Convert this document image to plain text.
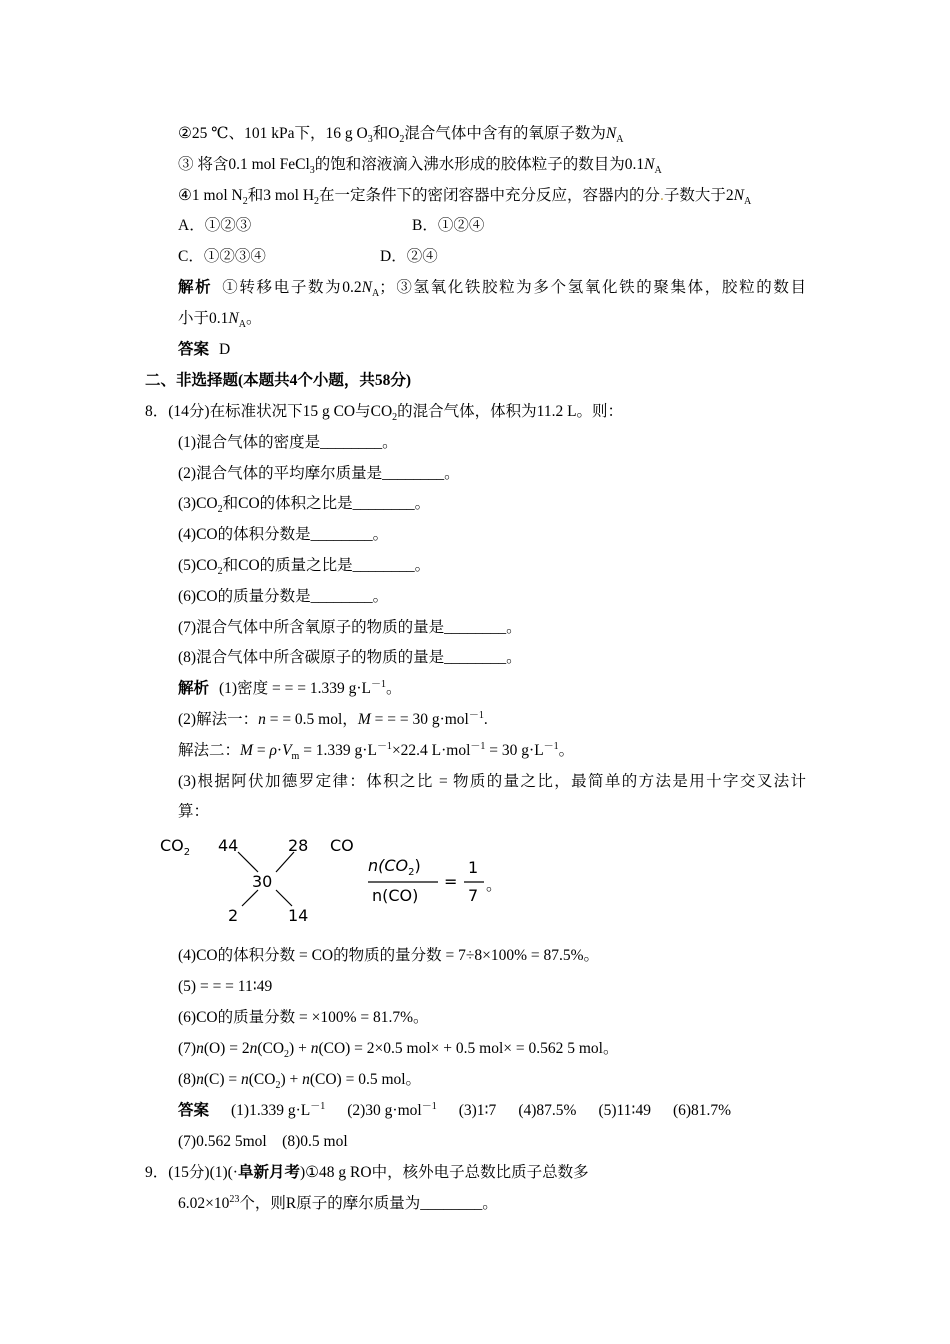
②25 ℃、101 kPa下，16 g $O_3$和$O_2$混合气体中含有的氧原子数为$N_A$
③ 将含0.1 mol FeCl$_3$的饱和溶液滴入沸水形成的胶体粒子的数目为$0.1N_A$
④1 mol $N_2$和3 mol $H_2$在一定条件下的密闭容器中充分反应，容器内的分.子数大于$2N_A$
A．①②③	B．①②④
C．①②③④	D．②④
解析 ①转移电子数为$0.2N_A$；③氢氧化铁胶粒为多个氢氧化铁的聚集体，胶粒的数目
小于$0.1N_A$。
答案 D
二、非选择题(本题共4个小题，共58分)
8．(14分)在标准状况下15 g CO与$CO_2$的混合气体，体积为11.2 L。则：
(1)混合气体的密度是________。
(2)混合气体的平均摩尔质量是________。
$(3)CO_2$和CO的体积之比是________。
(4)CO的体积分数是________。
$(5)CO_2$和CO的质量之比是________。
(6)CO的质量分数是________。
(7)混合气体中所含氧原子的物质的量是________。
(8)混合气体中所含碳原子的物质的量是________。
解析 (1)密度 = = = 1.339 $g\cdot L^{-1}$。
(2)解法一：n = = 0.5 mol，M = = = 30 g·mol$^{-1}$.
解法二：$M = \rho\cdot V_m = 1.339$ $g\cdot L^{-1}\times 22.4$ L·mol$^{-1}$ = 30 $g\cdot L^{-1}$。
(3)根据阿伏加德罗定律：体积之比 = 物质的量之比，最简单的方法是用十字交叉法计
算：
$CO_2$ 44	28 CO
30
2	14
$n(CO_2)$
n(CO)
=
1
7
。
(4)CO的体积分数 = CO的物质的量分数 = 7÷8×100% = 87.5%。
(5) = = = 11∶49
(6)CO的质量分数 = ×100% = 81.7%。
$(7)n(O) = 2n(CO_2) + n(CO) = 2\times 0.5$ mol× + 0.5 mol× = 0.562 5 mol。
$(8)n(C) = n(CO_2) + n(CO) = 0.5$ mol。
答案 (1)1.339 $g\cdot L^{-1}$ (2)30 g·mol$^{-1}$ (3)1∶7 (4)87.5% (5)11∶49 (6)81.7%
(7)0.562 5mol　(8)0.5 mol
9．(15分)(1)(·阜新月考)①48 g RO中，核外电子总数比质子总数多
$6.02\times 10^{23}$个，则R原子的摩尔质量为________。
